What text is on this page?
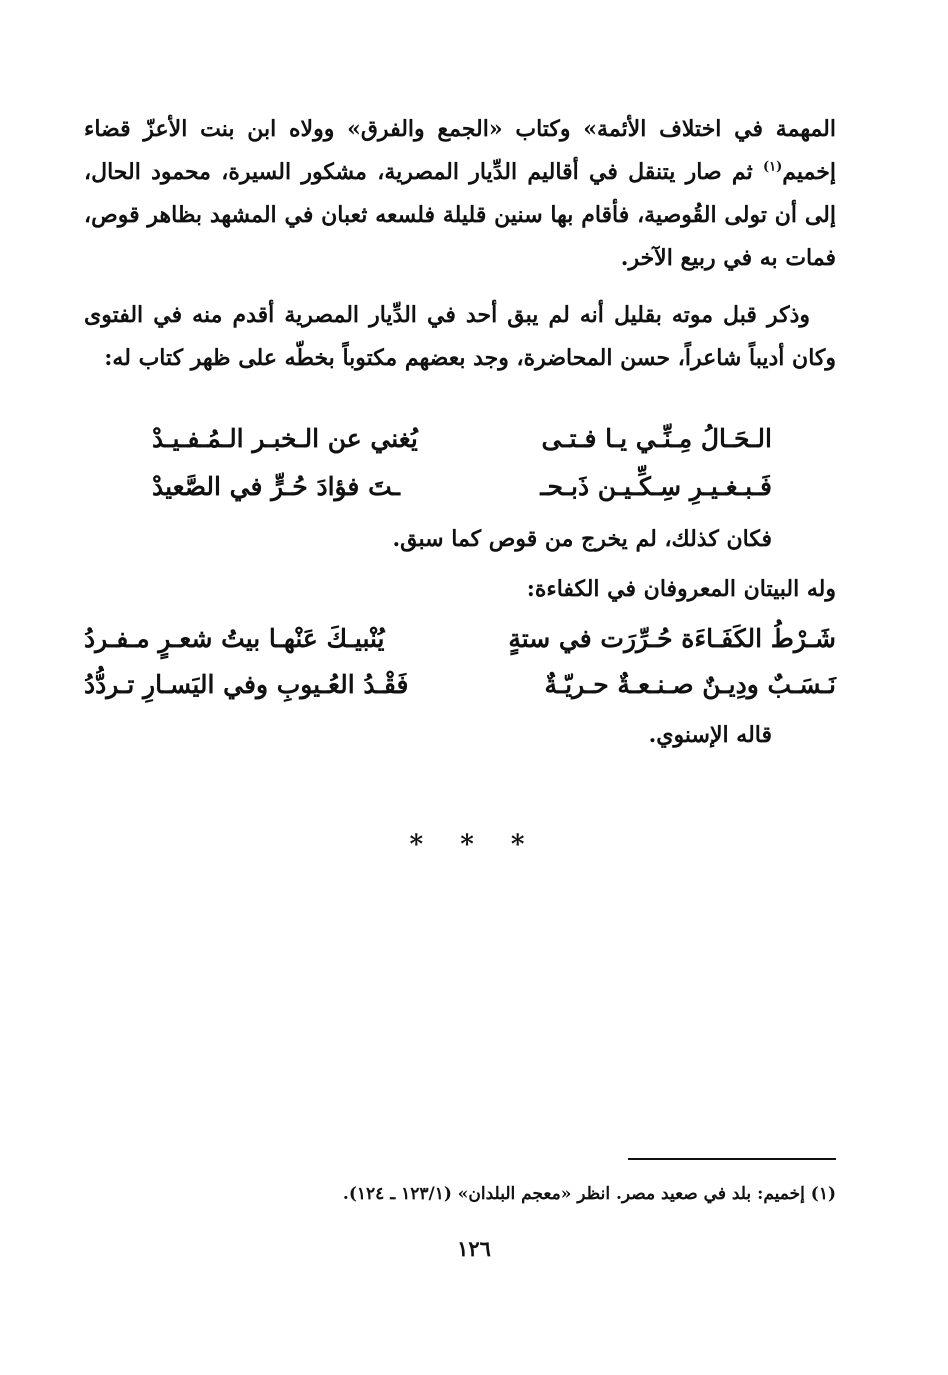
المهمة في اختلاف الأئمة» وكتاب «الجمع والفرق» وولاه ابن بنت الأعزّ قضاء إخميم$^{(١)}$ ثم صار يتنقل في أقاليم الدِّيار المصرية، مشكور السيرة، محمود الحال، إلى أن تولى القُوصية، فأقام بها سنين قليلة فلسعه ثعبان في المشهد بظاهر قوص، فمات به في ربيع الآخر.

وذكر قبل موته بقليل أنه لم يبق أحد في الدِّيار المصرية أقدم منه في الفتوى وكان أديباً شاعراً، حسن المحاضرة، وجد بعضهم مكتوباً بخطّه على ظهر كتاب له:

الـحَـالُ مِـنِّـي يـا فـتـى
يُغني عن الـخبـر الـمُـفـيـدْ
فَـبـغـيـرِ سِـكِّـيـن ذَبـحـ
ـتَ فؤادَ حُـرٍّ في الصَّعيدْ
فكان كذلك، لم يخرج من قوص كما سبق.
وله البيتان المعروفان في الكفاءة:
شَـرْطُ الكَفَـاءَة حُـرِّرَت في ستةٍ
يُنْبيـكَ عَنْهـا بيتُ شعـرٍ مـفـردُ
نَـسَـبٌ ودِيـنٌ صـنـعـةٌ حـريّـةٌ
فَقْـدُ العُـيوبِ وفي اليَسـارِ تـردُّدُ
قاله الإسنوي.
* * *
(١) إخميم: بلد في صعيد مصر. انظر «معجم البلدان» (١٢٣/١ ـ ١٢٤).
١٢٦
